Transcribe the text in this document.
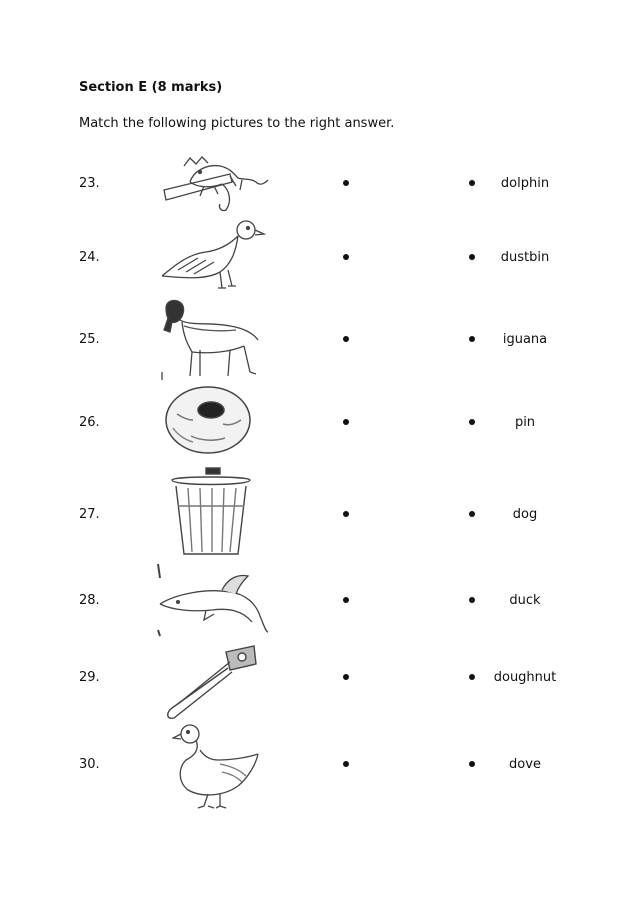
Section E (8 marks)

Match the following pictures to the right answer.

23.	dolphin
24.	dustbin
25.	iguana
26.	pin
27.	dog
28.	duck
29.	doughnut
30.	dove
